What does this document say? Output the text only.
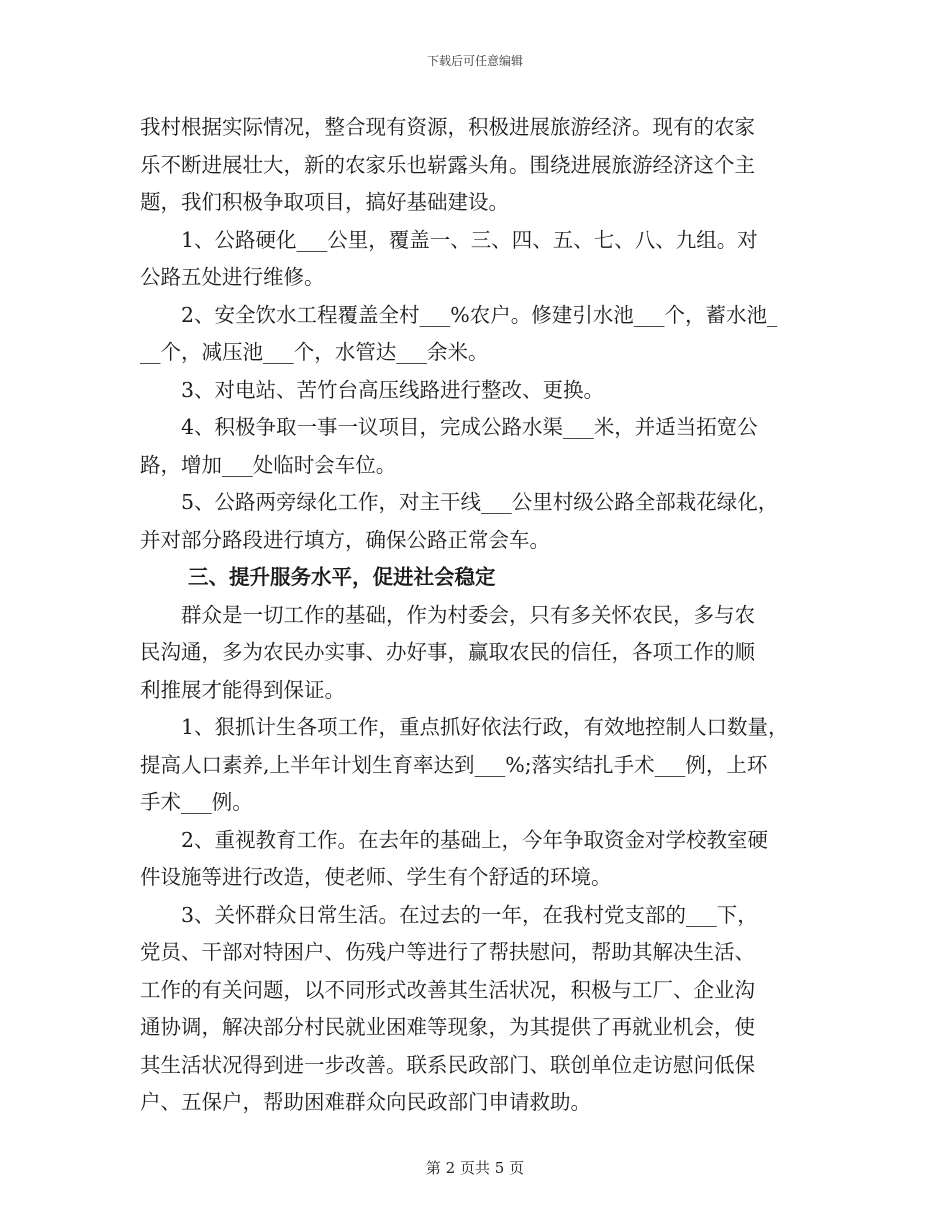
下载后可任意编辑
我村根据实际情况，整合现有资源，积极进展旅游经济。现有的农家
乐不断进展壮大，新的农家乐也崭露头角。围绕进展旅游经济这个主
题，我们积极争取项目，搞好基础建设。
1、公路硬化___公里，覆盖一、三、四、五、七、八、九组。对
公路五处进行维修。
2、安全饮水工程覆盖全村___%农户。修建引水池___个，蓄水池_
__个，减压池___个，水管达___余米。
3、对电站、苦竹台高压线路进行整改、更换。
4、积极争取一事一议项目，完成公路水渠___米，并适当拓宽公
路，增加___处临时会车位。
5、公路两旁绿化工作，对主干线___公里村级公路全部栽花绿化，
并对部分路段进行填方，确保公路正常会车。
三、提升服务水平，促进社会稳定
群众是一切工作的基础，作为村委会，只有多关怀农民，多与农
民沟通，多为农民办实事、办好事，赢取农民的信任，各项工作的顺
利推展才能得到保证。
1、狠抓计生各项工作，重点抓好依法行政，有效地控制人口数量，
提高人口素养,上半年计划生育率达到___%;落实结扎手术___例，上环
手术___例。
2、重视教育工作。在去年的基础上，今年争取资金对学校教室硬
件设施等进行改造，使老师、学生有个舒适的环境。
3、关怀群众日常生活。在过去的一年，在我村党支部的___下，
党员、干部对特困户、伤残户等进行了帮扶慰问，帮助其解决生活、
工作的有关问题，以不同形式改善其生活状况，积极与工厂、企业沟
通协调，解决部分村民就业困难等现象，为其提供了再就业机会，使
其生活状况得到进一步改善。联系民政部门、联创单位走访慰问低保
户、五保户，帮助困难群众向民政部门申请救助。
第 2 页共 5 页
